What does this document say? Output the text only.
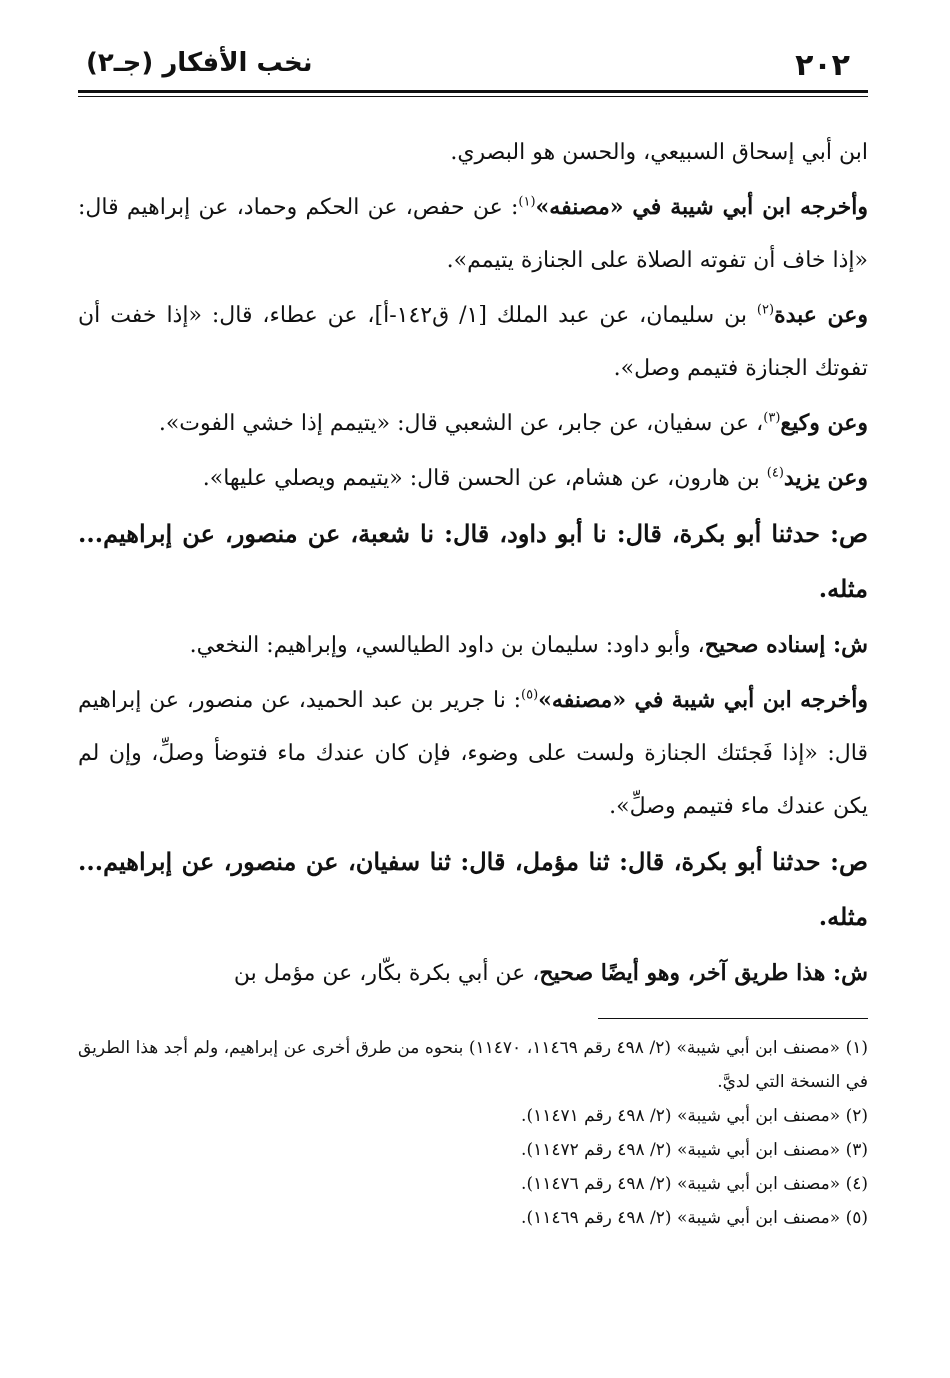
٢٠٢
نخب الأفكار (جـ٢)

ابن أبي إسحاق السبيعي، والحسن هو البصري.

وأخرجه ابن أبي شيبة في «مصنفه»$^{(١)}$: عن حفص، عن الحكم وحماد، عن إبراهيم قال: «إذا خاف أن تفوته الصلاة على الجنازة يتيمم».

وعن عبدة$^{(٢)}$ بن سليمان، عن عبد الملك [١/ ق١٤٢-أ]، عن عطاء، قال: «إذا خفت أن تفوتك الجنازة فتيمم وصل».

وعن وكيع$^{(٣)}$، عن سفيان، عن جابر، عن الشعبي قال: «يتيمم إذا خشي الفوت».

وعن يزيد$^{(٤)}$ بن هارون، عن هشام، عن الحسن قال: «يتيمم ويصلي عليها».

ص: حدثنا أبو بكرة، قال: نا أبو داود، قال: نا شعبة، عن منصور، عن إبراهيم... مثله.

ش: إسناده صحيح، وأبو داود: سليمان بن داود الطيالسي، وإبراهيم: النخعي.

وأخرجه ابن أبي شيبة في «مصنفه»$^{(٥)}$: نا جرير بن عبد الحميد، عن منصور، عن إبراهيم قال: «إذا فَجئتك الجنازة ولست على وضوء، فإن كان عندك ماء فتوضأ وصلِّ، وإن لم يكن عندك ماء فتيمم وصلِّ».

ص: حدثنا أبو بكرة، قال: ثنا مؤمل، قال: ثنا سفيان، عن منصور، عن إبراهيم... مثله.

ش: هذا طريق آخر، وهو أيضًا صحيح، عن أبي بكرة بكّار، عن مؤمل بن

(١) «مصنف ابن أبي شيبة» (٢/ ٤٩٨ رقم ١١٤٦٩، ١١٤٧٠) بنحوه من طرق أخرى عن إبراهيم، ولم أجد هذا الطريق في النسخة التي لديَّ.

(٢) «مصنف ابن أبي شيبة» (٢/ ٤٩٨ رقم ١١٤٧١).

(٣) «مصنف ابن أبي شيبة» (٢/ ٤٩٨ رقم ١١٤٧٢).

(٤) «مصنف ابن أبي شيبة» (٢/ ٤٩٨ رقم ١١٤٧٦).

(٥) «مصنف ابن أبي شيبة» (٢/ ٤٩٨ رقم ١١٤٦٩).
